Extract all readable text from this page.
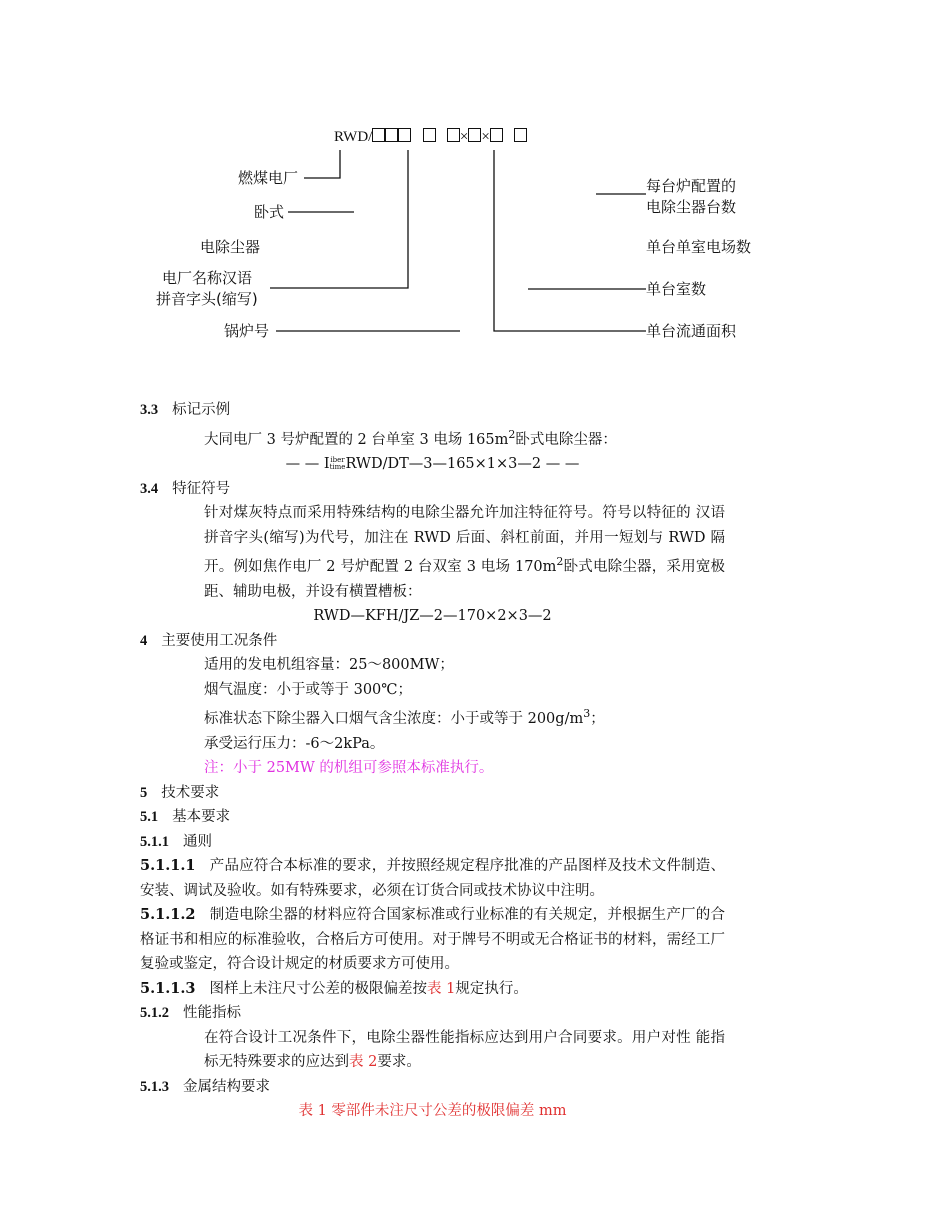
RWD/	× ×
燃煤电厂
卧式
电除尘器
电厂名称汉语
拼音字头(缩写)
锅炉号
每台炉配置的
电除尘器台数
单台单室电场数
单台室数
单台流通面积

3.3 标记示例

大同电厂 3 号炉配置的 2 台单室 3 电场 $165m^2$卧式电除尘器：

— — Iiber
timeRWD/DT—3—165×1×3—2 — —

3.4 特征符号

针对煤灰特点而采用特殊结构的电除尘器允许加注特征符号。符号以特征的 汉语拼音字头(缩写)为代号，加注在 RWD 后面、斜杠前面，并用一短划与 RWD 隔开。例如焦作电厂 2 号炉配置 2 台双室 3 电场 $170m^2$卧式电除尘器，采用宽极 距、辅助电极，并设有横置槽板：

RWD—KFH/JZ—2—170×2×3—2

4 主要使用工况条件

适用的发电机组容量：25～800MW；

烟气温度：小于或等于 300℃；

标准状态下除尘器入口烟气含尘浓度：小于或等于 $200g/m^3$；

承受运行压力：-6～2kPa。

注：小于 25MW 的机组可参照本标准执行。

5 技术要求

5.1 基本要求

5.1.1 通则

5.1.1.1 产品应符合本标准的要求，并按照经规定程序批准的产品图样及技术文件制造、安装、调试及验收。如有特殊要求，必须在订货合同或技术协议中注明。

5.1.1.2 制造电除尘器的材料应符合国家标准或行业标准的有关规定，并根据生产厂的合格证书和相应的标准验收，合格后方可使用。对于牌号不明或无合格证书的材料，需经工厂复验或鉴定，符合设计规定的材质要求方可使用。

5.1.1.3 图样上未注尺寸公差的极限偏差按表 1规定执行。

5.1.2 性能指标

在符合设计工况条件下，电除尘器性能指标应达到用户合同要求。用户对性 能指标无特殊要求的应达到表 2要求。

5.1.3 金属结构要求

表 1 零部件未注尺寸公差的极限偏差 mm
